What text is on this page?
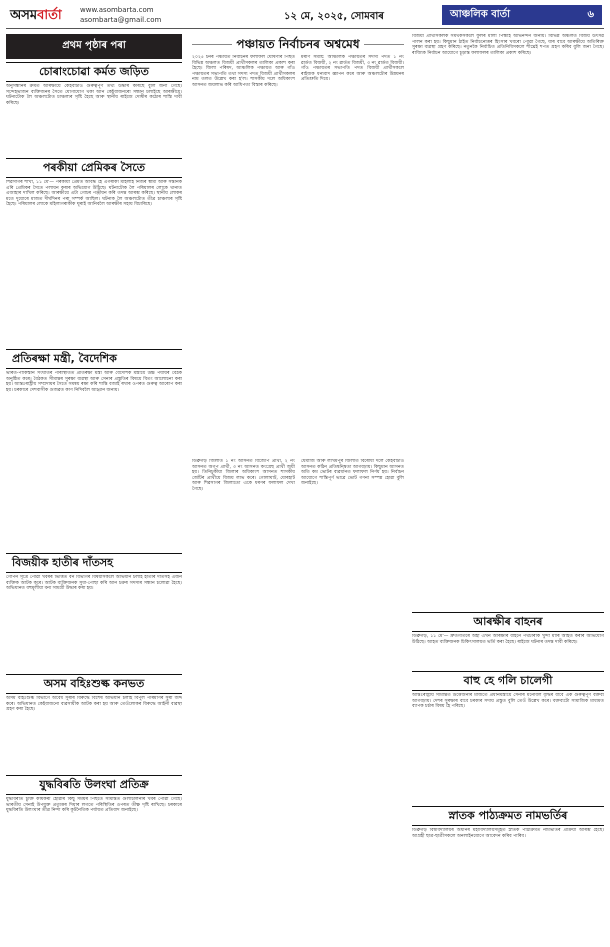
অসম বাৰ্তা	www.asombarta.com
asombarta@gmail.com	১২ মে, ২০২৫, সোমবাৰ	আঞ্চলিক বাৰ্তা	৬
প্ৰথম পৃষ্ঠাৰ পৰা

চোৰাংচোৱা কৰ্মত জড়িত

অনুসন্ধানৰ ক্ৰমত আৰক্ষীয়ে কেইবাটাও গুৰুত্বপূৰ্ণ তথ্য উদ্ধাৰ কৰিছে বুলি জনা গৈছে। সন্দেহভাজন ব্যক্তিজনৰ সৈতে যোগাযোগ থকা আন কেইবাজনৰো সন্ধান চলাইছে আৰক্ষীয়ে। ঘটনাটোক লৈ অঞ্চলটোত চাঞ্চল্যৰ সৃষ্টি হৈছে আৰু স্থানীয় ৰাইজে দোষীৰ কঠোৰ শাস্তি দাবী কৰিছে।

পৰকীয়া প্ৰেমিকৰ সৈতে

শিৱসাগৰ শাখা, ১১ মে'— পৰকীয়া প্ৰেমত আবদ্ধ হৈ এগৰাকী মহিলাই নিজৰ স্বামী আৰু সন্তানক এৰি প্ৰেমিকৰ সৈতে পলায়ন কৰাৰ অভিযোগ উঠিছে। ঘটনাটোক লৈ পৰিয়ালৰ লোকে থানাত এজাহাৰ দাখিল কৰিছে। আৰক্ষীয়ে এটা গোচৰ পঞ্জীয়ন কৰি তদন্ত আৰম্ভ কৰিছে। স্থানীয় লোকৰ মতে দুয়োৰে মাজত দীৰ্ঘদিনৰ পৰা সম্পৰ্ক আছিল। ঘটনাক লৈ অঞ্চলটোত তীব্ৰ চাঞ্চল্যৰ সৃষ্টি হৈছে। পৰিয়ালৰ লোকে মহিলাগৰাকীক ঘূৰাই আনিবলৈ আৰক্ষীৰ সহায় বিচাৰিছে।

প্ৰতিৰক্ষা মন্ত্ৰী, বৈদেশিক

ভাৰত-পাকিস্তান সংঘাতৰ পৰিস্থিতিত প্ৰতিৰক্ষা মন্ত্ৰী আৰু বৈদেশিক মন্ত্ৰীয়ে উচ্চ পৰ্যায়ৰ বৈঠক অনুষ্ঠিত কৰে। বৈঠকত সীমান্তৰ সুৰক্ষা ব্যৱস্থা আৰু সেনাৰ প্ৰস্তুতিৰ বিষয়ে বিতং আলোচনা কৰা হয়। আন্তঃৰাষ্ট্ৰীয় সম্প্ৰদায়ৰ সৈতে সমন্বয় ৰক্ষা কৰি শান্তি বজাই ৰখাৰ ওপৰত গুৰুত্ব আৰোপ কৰা হয়। চৰকাৰে দেশবাসীক গুজৱত কাণ নিদিবলৈ আহ্বান জনায়।

বিজয়ীক হাতীৰ দাঁতসহ

গোপন সূত্ৰে পোৱা খবৰৰ ভিত্তিত বন বিভাগৰ বিষয়াসকলে অভিযান চলাই হাতীৰ দাঁতসহ এজন ব্যক্তিক আটক কৰে। আটক ব্যক্তিজনক সুধা-পোছা কৰি আন চক্ৰৰ সদস্যৰ সন্ধান চলোৱা হৈছে। অভিযানত বহুমূলীয়া বন্য সামগ্ৰী উদ্ধাৰ কৰা হয়।

অসম বহিঃশুল্ক কনভত

অসম বহিঃশুল্ক বিভাগে অবৈধ সুৰাৰ বিৰুদ্ধে বিশেষ অভিযান চলাই বিপুল পৰিমাণৰ সুৰা জব্দ কৰে। অভিযানত কেইবাজনো ব্যৱসায়ীক আটক কৰা হয় আৰু তেওঁলোকৰ বিৰুদ্ধে আইনী ব্যৱস্থা গ্ৰহণ কৰা হৈছে।

যুদ্ধবিৰতি উলংঘা প্ৰতিক্ৰ

যুদ্ধবিৰতি চুক্তি কাৰ্যকৰী হোৱাৰ কিছু সময়ৰ পিছতে সীমান্তত গুলীচালনাৰ খবৰ পোৱা গৈছে। ভাৰতীয় সেনাই উপযুক্ত প্ৰত্যুত্তৰ দিয়াৰ লগতে পৰিস্থিতিৰ ওপৰত তীক্ষ্ণ দৃষ্টি ৰাখিছে। চৰকাৰে যুদ্ধবিৰতি উলংঘাৰ তীব্ৰ নিন্দা কৰি কূটনৈতিক পৰ্যায়ত প্ৰতিবাদ জনাইছে।

পঞ্চায়ত নিৰ্বাচনৰ অশ্বমেধ

২০২৫ চনৰ পঞ্চায়ত নিৰ্বাচনৰ ফলাফল ঘোষণাৰ পিছত বিভিন্ন অঞ্চলত বিজয়ী প্ৰাৰ্থীসকলৰ তালিকা প্ৰকাশ কৰা হৈছে। জিলা পৰিষদ, আঞ্চলিক পঞ্চায়ত আৰু গাঁও পঞ্চায়তৰ সভাপতি তথা সদস্য পদত বিজয়ী প্ৰাৰ্থীসকলৰ নাম তলত উল্লেখ কৰা হ'ল। শাসকীয় দলে অধিকাংশ আসনত জয়লাভ কৰি আধিপত্য বিস্তাৰ কৰিছে।

ডিব্ৰুগড় জিলাত ১ নং আসনত বিজেপি প্ৰাৰ্থী, ২ নং আসনত অগপ প্ৰাৰ্থী, ৩ নং আসনত কংগ্ৰেছ প্ৰাৰ্থী জয়ী হয়। তিনিচুকীয়া জিলাৰ অধিকাংশ আসনত শাসকীয় জোঁটৰ প্ৰাৰ্থীয়ে বিজয় লাভ কৰে। গোলাঘাট, যোৰহাট আৰু শিৱসাগৰ জিলাতো একে ধৰণৰ ফলাফল দেখা গৈছে।

মৰাণ সমষ্টি: আঞ্চলিক পঞ্চায়তৰ সদস্য পদত ১ নং ৱাৰ্ডত বিজয়ী, ২ নং ৱাৰ্ডত বিজয়ী, ৩ নং ৱাৰ্ডত বিজয়ী। গাঁও পঞ্চায়তৰ সভাপতি পদত বিজয়ী প্ৰাৰ্থীসকলে ৰাইজক ধন্যবাদ জ্ঞাপন কৰে আৰু অঞ্চলটোৰ উন্নয়নৰ প্ৰতিশ্ৰুতি দিয়ে।

ধেমাজি আৰু লখিমপুৰ জিলাত বিৰোধী দলে কেইবাটাও আসনত কঠিন প্ৰতিদ্বন্দ্বিতা আগবঢ়ায়। কিছুমান আসনত অতি কম ভোটৰ ব্যৱধানত ফলাফল নিৰ্ণয় হয়। নিৰ্বাচন আয়োগে শান্তিপূৰ্ণ ভাৱে ভোট গণনা সম্পন্ন হোৱা বুলি জনাইছে।

বিজয়ী প্ৰাৰ্থীসকলক সমৰ্থকসকলে ফুলৰ মালা পিন্ধাই অভিনন্দন জনায়। বিভিন্ন অঞ্চলত বিজয় উৎসৱ পালন কৰা হয়। কিছুমান ঠাইত নিৰ্বাচনোত্তৰ হিংসাৰ খবৰো পোৱা গৈছে, যাৰ বাবে আৰক্ষীয়ে অতিৰিক্ত সুৰক্ষা ব্যৱস্থা গ্ৰহণ কৰিছে। নতুনকৈ নিৰ্বাচিত প্ৰতিনিধিসকলে শীঘ্ৰেই শপত গ্ৰহণ কৰিব বুলি জনা গৈছে। ৰাজ্যিক নিৰ্বাচন আয়োগে চূড়ান্ত ফলাফলৰ তালিকা প্ৰকাশ কৰিছে।

আৰক্ষীৰ বাহনৰ

ডিব্ৰুগড়, ১১ মে'— দ্ৰুতগতিৰে অহা এখন আৰক্ষীৰ বাহনে পথচাৰীক খুন্দা মাৰি আহত কৰাৰ অভিযোগ উঠিছে। আহত ব্যক্তিজনক চিকিৎসালয়ত ভৰ্তি কৰা হৈছে। ৰাইজে ঘটনাৰ তদন্ত দাবী কৰিছে।

বাহু হে গলি চালেগী

আন্তঃৰাষ্ট্ৰীয় সীমান্তত উত্তেজনাৰ মাজতে প্ৰধানমন্ত্ৰীয়ে সেনাৰ মনোবল বৃদ্ধিৰ বাবে এক গুৰুত্বপূৰ্ণ বক্তব্য আগবঢ়ায়। দেশৰ সুৰক্ষাৰ বাবে চৰকাৰ সদায় প্ৰস্তুত বুলি তেওঁ উল্লেখ কৰে। বক্তব্যটো সামাজিক মাধ্যমত ব্যাপক চৰ্চাৰ বিষয় হৈ পৰিছে।

স্নাতক পাঠ্যক্ৰমত নামভৰ্তিৰ

ডিব্ৰুগড় বিশ্ববিদ্যালয়ৰ অধীনৰ মহাবিদ্যালয়সমূহত স্নাতক পাঠ্যক্ৰমত নামভৰ্তিৰ প্ৰক্ৰিয়া আৰম্ভ হৈছে। আগ্ৰহী ছাত্ৰ-ছাত্ৰীসকলে অনলাইনযোগে আবেদন কৰিব পাৰিব।
